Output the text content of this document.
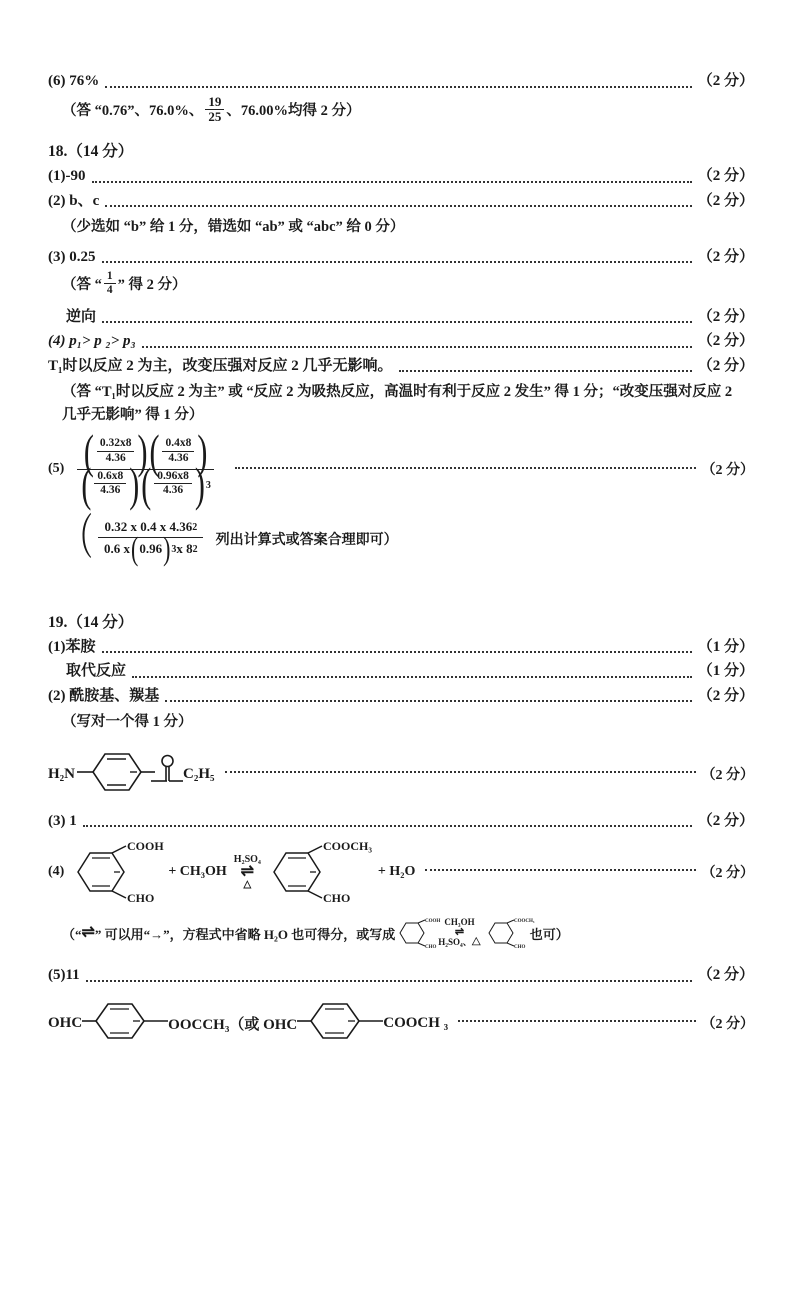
(6) 76%	（2 分）
（答 “0.76”、76.0%、 $\frac{19}{25}$ 、76.00%均得 2 分）
18.（14 分）
(1)-90	（2 分）
(2) b、c	（2 分）
（少选如 “b” 给 1 分，错选如 “ab” 或 “abc” 给 0 分）
(3) 0.25	（2 分）
（答 “ $\frac{1}{4}$ ” 得 2 分）
逆向	（2 分）
(4) p₁> p ₂> p₃	（2 分）
T₁时以反应 2 为主，改变压强对反应 2 几乎无影响。	（2 分）
（答 “T₁时以反应 2 为主” 或 “反应 2 为吸热反应，高温时有利于反应 2 发生” 得 1 分；“改变压强对反应 2 几乎无影响” 得 1 分）
(5) ( $\frac{0.32x8}{4.36}$ ) ( $\frac{0.4x8}{4.36}$ )
( $\frac{0.6x8}{4.36}$ ) ( $\frac{0.96x8}{4.36}$ ) 3
（2 分）
（ $\frac{0.32 x 0.4 x 4.36 2}{0.6 x ( 0.96 ) 3 x 8 2}$ 列出计算式或答案合理即可）
19.（14 分）
(1)苯胺	（1 分）
取代反应	（1 分）
(2) 酰胺基、羰基	（2 分）
（写对一个得 1 分）
H₂N	C₂H₅	（2 分）
(3) 1	（2 分）
(4)
COOH
CHO
+ CH₃OH
H₂SO₄
⇌
△
COOCH₃
CHO
+ H₂O	（2 分）
（“ ⇌ ” 可以用“→”，方程式中省略 H₂O 也可得分，或写成
COOH
CHO
CH₃OH
⇌
H₂SO₄、△
COOCH₃
CHO
也可）
(5)11	（2 分）
OHC	OOCCH₃（或 OHC	COOCH ₃	（2 分）
